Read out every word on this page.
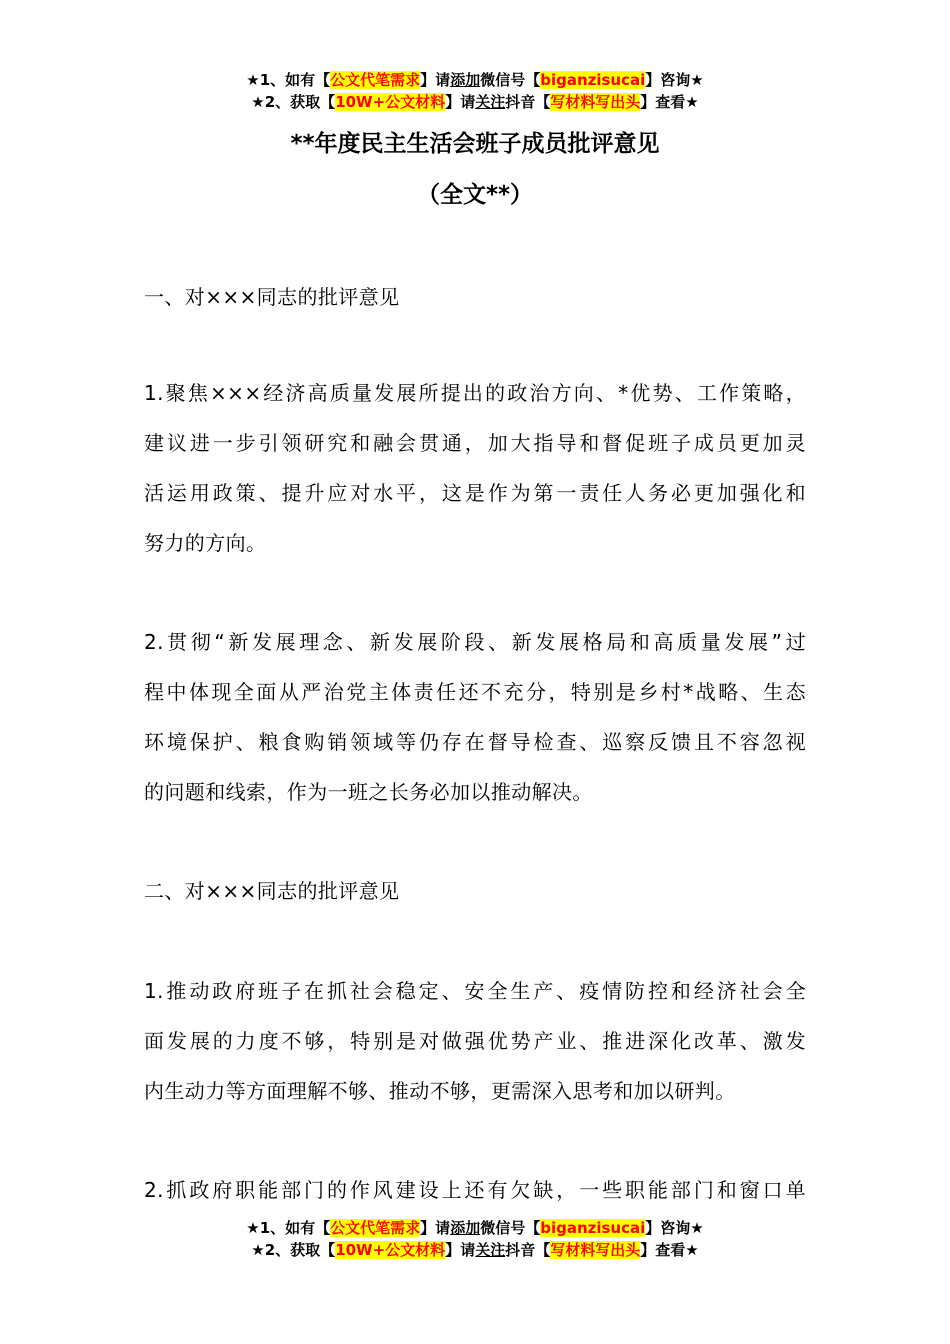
★1、如有【公文代笔需求】请添加微信号【biganzisucai】咨询★
★2、获取【10W+公文材料】请关注抖音【写材料写出头】查看★
**年度民主生活会班子成员批评意见
（全文**）
一、对×××同志的批评意见
1.聚焦×××经济高质量发展所提出的政治方向、*优势、工作策略，
建议进一步引领研究和融会贯通，加大指导和督促班子成员更加灵
活运用政策、提升应对水平，这是作为第一责任人务必更加强化和
努力的方向。
2.贯彻“新发展理念、新发展阶段、新发展格局和高质量发展”过
程中体现全面从严治党主体责任还不充分，特别是乡村*战略、生态
环境保护、粮食购销领域等仍存在督导检查、巡察反馈且不容忽视
的问题和线索，作为一班之长务必加以推动解决。
二、对×××同志的批评意见
1.推动政府班子在抓社会稳定、安全生产、疫情防控和经济社会全
面发展的力度不够，特别是对做强优势产业、推进深化改革、激发
内生动力等方面理解不够、推动不够，更需深入思考和加以研判。
2.抓政府职能部门的作风建设上还有欠缺，一些职能部门和窗口单
★1、如有【公文代笔需求】请添加微信号【biganzisucai】咨询★
★2、获取【10W+公文材料】请关注抖音【写材料写出头】查看★
